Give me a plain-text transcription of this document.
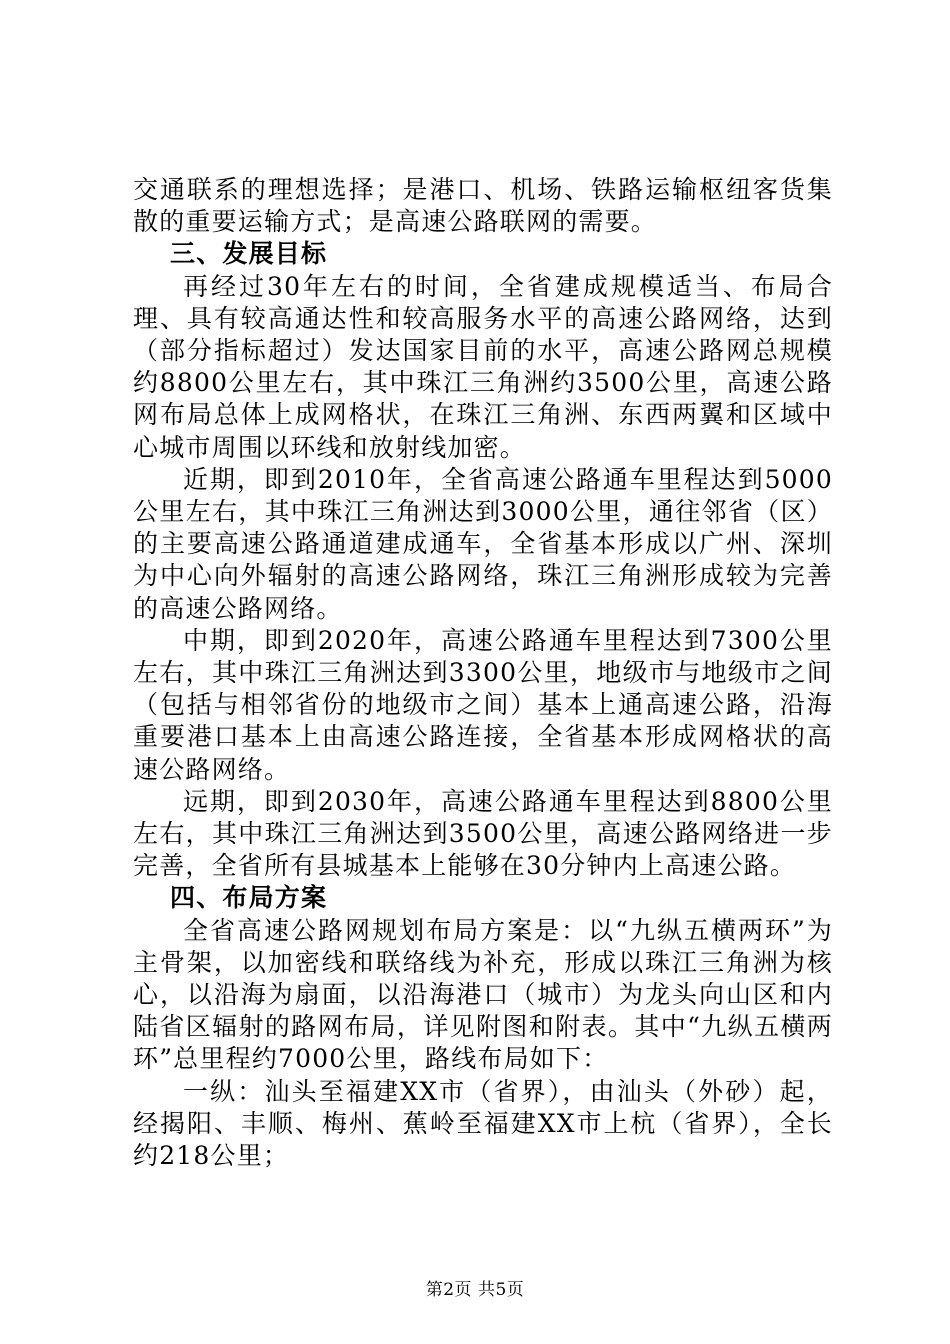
交通联系的理想选择；是港口、机场、铁路运输枢纽客货集散的重要运输方式；是高速公路联网的需要。

三、发展目标

再经过30年左右的时间，全省建成规模适当、布局合理、具有较高通达性和较高服务水平的高速公路网络，达到（部分指标超过）发达国家目前的水平，高速公路网总规模约8800公里左右，其中珠江三角洲约3500公里，高速公路网布局总体上成网格状，在珠江三角洲、东西两翼和区域中心城市周围以环线和放射线加密。

近期，即到2010年，全省高速公路通车里程达到5000公里左右，其中珠江三角洲达到3000公里，通往邻省（区）的主要高速公路通道建成通车，全省基本形成以广州、深圳为中心向外辐射的高速公路网络，珠江三角洲形成较为完善的高速公路网络。

中期，即到2020年，高速公路通车里程达到7300公里左右，其中珠江三角洲达到3300公里，地级市与地级市之间（包括与相邻省份的地级市之间）基本上通高速公路，沿海重要港口基本上由高速公路连接，全省基本形成网格状的高速公路网络。

远期，即到2030年，高速公路通车里程达到8800公里左右，其中珠江三角洲达到3500公里，高速公路网络进一步完善，全省所有县城基本上能够在30分钟内上高速公路。

四、布局方案

全省高速公路网规划布局方案是：以“九纵五横两环”为主骨架，以加密线和联络线为补充，形成以珠江三角洲为核心，以沿海为扇面，以沿海港口（城市）为龙头向山区和内陆省区辐射的路网布局，详见附图和附表。其中“九纵五横两环”总里程约7000公里，路线布局如下：

一纵：汕头至福建XX市（省界），由汕头（外砂）起，经揭阳、丰顺、梅州、蕉岭至福建XX市上杭（省界），全长约218公里；

第2页 共5页
